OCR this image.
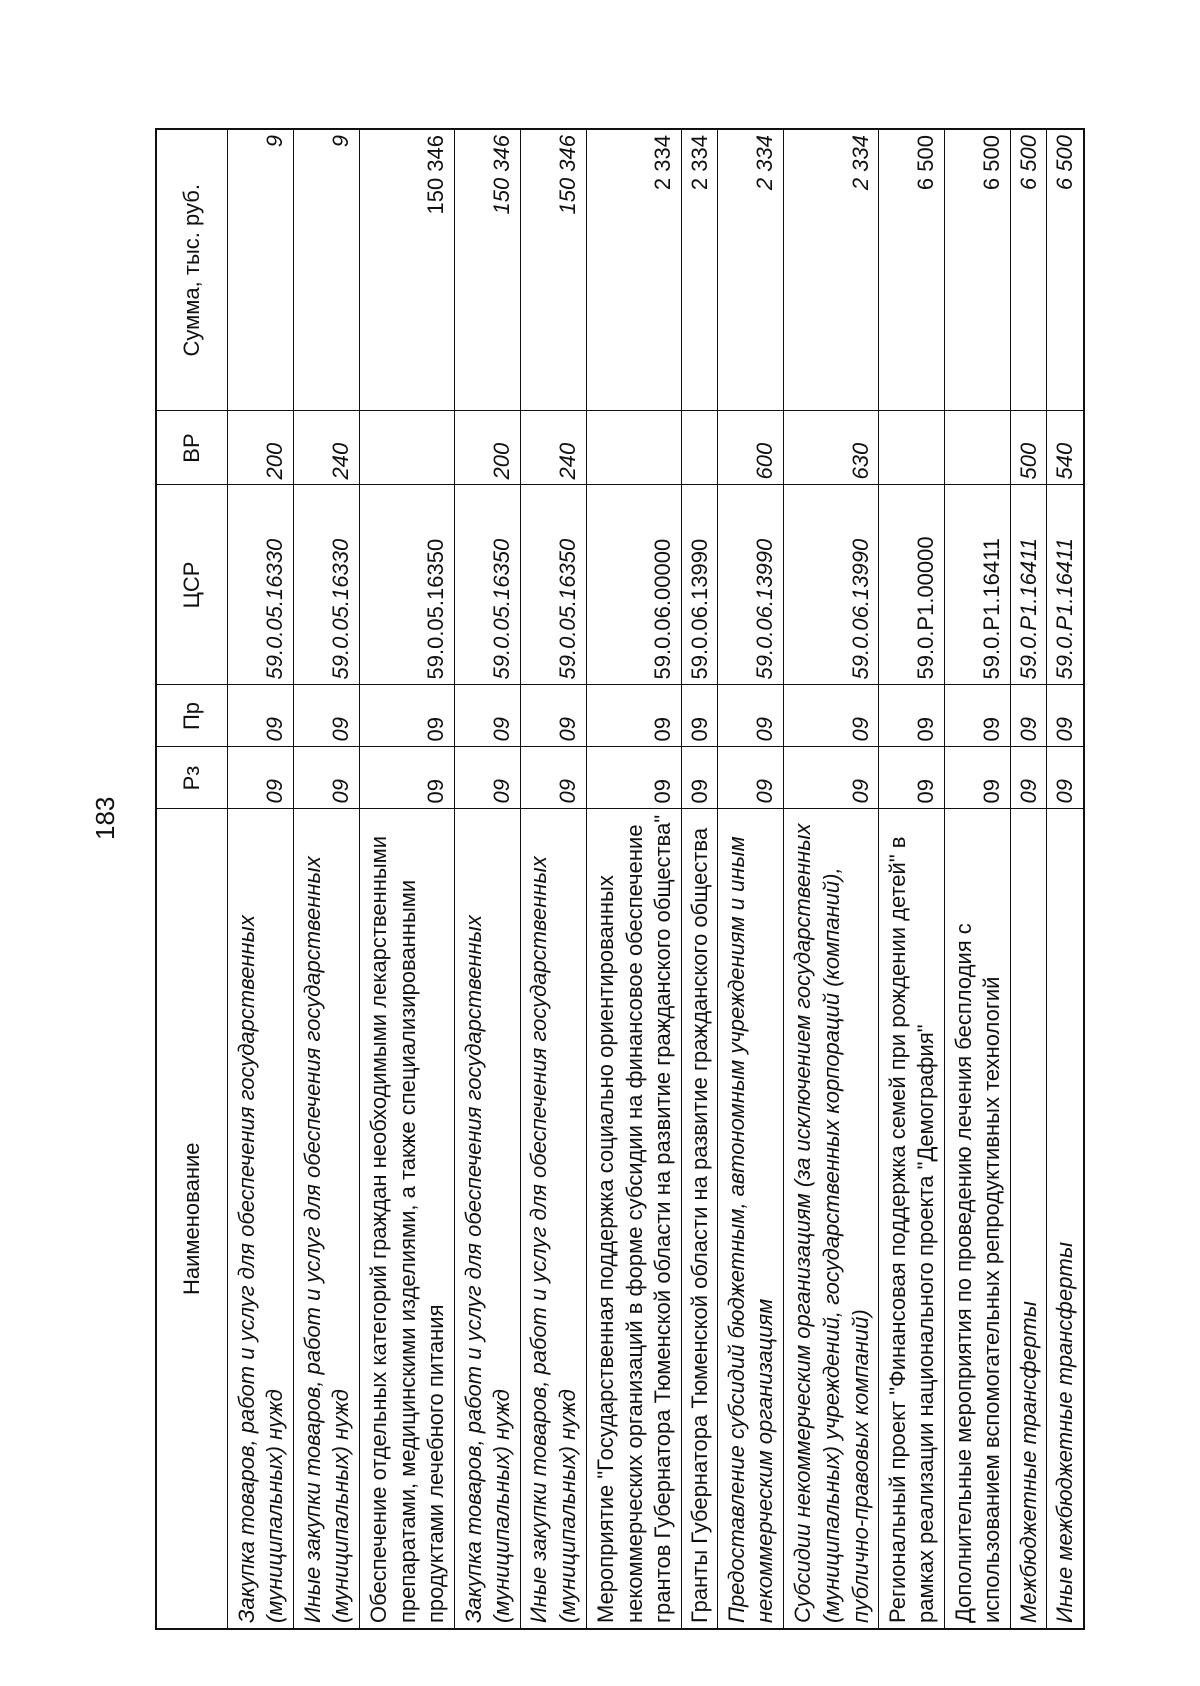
183
Наименование	Рз	Пр	ЦСР	ВР	Сумма, тыс. руб.
Закупка товаров, работ и услуг для обеспечения государственных (муниципальных) нужд	09	09	59.0.05.16330	200	9
Иные закупки товаров, работ и услуг для обеспечения государственных (муниципальных) нужд	09	09	59.0.05.16330	240	9
Обеспечение отдельных категорий граждан необходимыми лекарственными препаратами, медицинскими изделиями, а также специализированными продуктами лечебного питания	09	09	59.0.05.16350		150 346
Закупка товаров, работ и услуг для обеспечения государственных (муниципальных) нужд	09	09	59.0.05.16350	200	150 346
Иные закупки товаров, работ и услуг для обеспечения государственных (муниципальных) нужд	09	09	59.0.05.16350	240	150 346
Мероприятие "Государственная поддержка социально ориентированных некоммерческих организаций в форме субсидии на финансовое обеспечение грантов Губернатора Тюменской области на развитие гражданского общества"	09	09	59.0.06.00000		2 334
Гранты Губернатора Тюменской области на развитие гражданского общества	09	09	59.0.06.13990		2 334
Предоставление субсидий бюджетным, автономным учреждениям и иным некоммерческим организациям	09	09	59.0.06.13990	600	2 334
Субсидии некоммерческим организациям (за исключением государственных (муниципальных) учреждений, государственных корпораций (компаний), публично-правовых компаний)	09	09	59.0.06.13990	630	2 334
Региональный проект "Финансовая поддержка семей при рождении детей" в рамках реализации национального проекта "Демография"	09	09	59.0.P1.00000		6 500
Дополнительные мероприятия по проведению лечения бесплодия с использованием вспомогательных репродуктивных технологий	09	09	59.0.P1.16411		6 500
Межбюджетные трансферты	09	09	59.0.P1.16411	500	6 500
Иные межбюджетные трансферты	09	09	59.0.P1.16411	540	6 500
